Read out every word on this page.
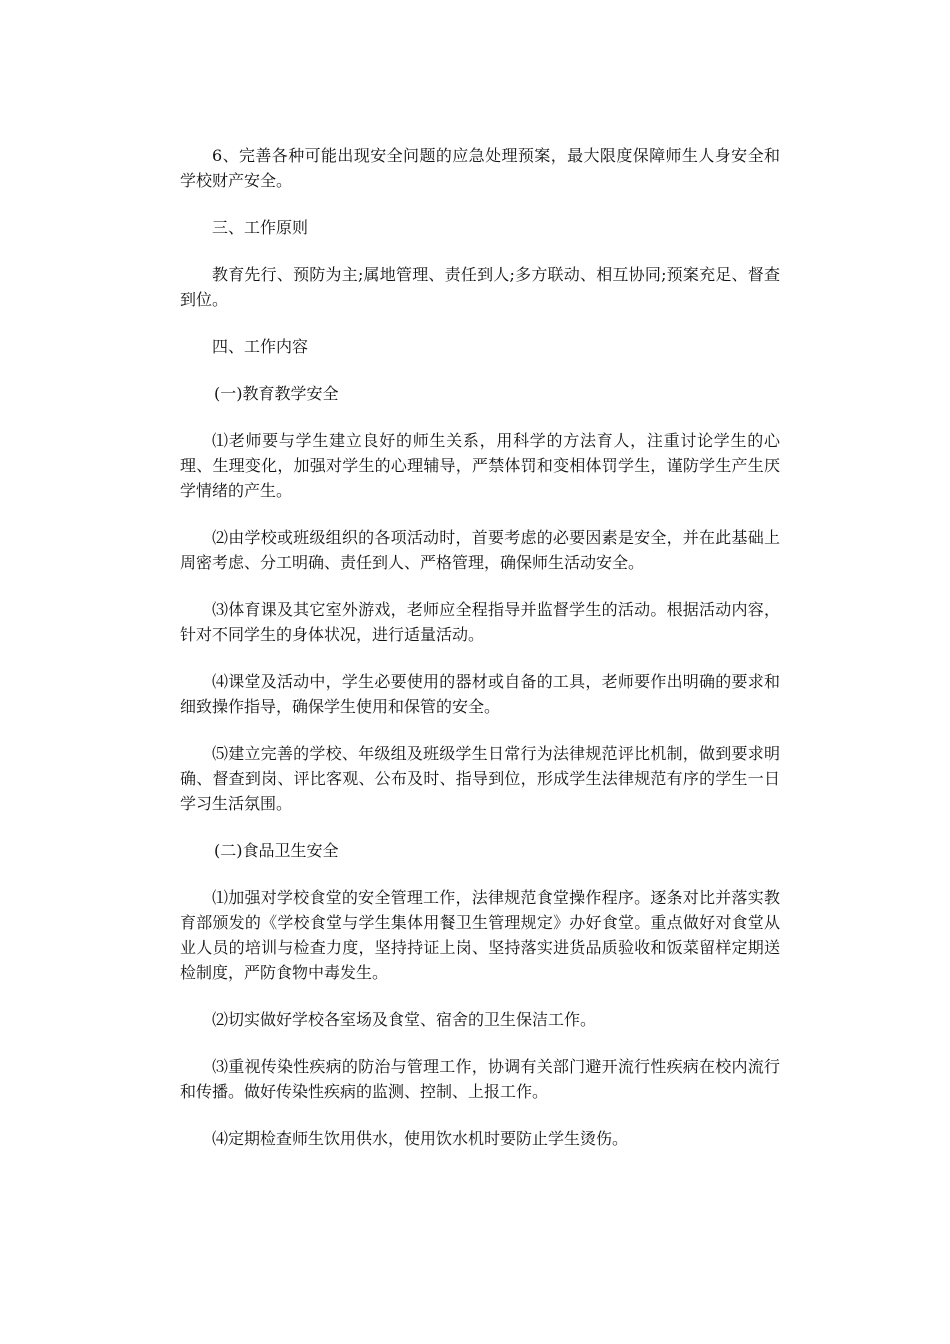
6、完善各种可能出现安全问题的应急处理预案，最大限度保障师生人身安全和学校财产安全。

三、工作原则

教育先行、预防为主;属地管理、责任到人;多方联动、相互协同;预案充足、督查到位。

四、工作内容

(一)教育教学安全

⑴老师要与学生建立良好的师生关系，用科学的方法育人，注重讨论学生的心理、生理变化，加强对学生的心理辅导，严禁体罚和变相体罚学生，谨防学生产生厌学情绪的产生。

⑵由学校或班级组织的各项活动时，首要考虑的必要因素是安全，并在此基础上周密考虑、分工明确、责任到人、严格管理，确保师生活动安全。

⑶体育课及其它室外游戏，老师应全程指导并监督学生的活动。根据活动内容，针对不同学生的身体状况，进行适量活动。

⑷课堂及活动中，学生必要使用的器材或自备的工具，老师要作出明确的要求和细致操作指导，确保学生使用和保管的安全。

⑸建立完善的学校、年级组及班级学生日常行为法律规范评比机制，做到要求明确、督查到岗、评比客观、公布及时、指导到位，形成学生法律规范有序的学生一日学习生活氛围。

(二)食品卫生安全

⑴加强对学校食堂的安全管理工作，法律规范食堂操作程序。逐条对比并落实教育部颁发的《学校食堂与学生集体用餐卫生管理规定》办好食堂。重点做好对食堂从业人员的培训与检查力度，坚持持证上岗、坚持落实进货品质验收和饭菜留样定期送检制度，严防食物中毒发生。

⑵切实做好学校各室场及食堂、宿舍的卫生保洁工作。

⑶重视传染性疾病的防治与管理工作，协调有关部门避开流行性疾病在校内流行和传播。做好传染性疾病的监测、控制、上报工作。

⑷定期检查师生饮用供水，使用饮水机时要防止学生烫伤。
